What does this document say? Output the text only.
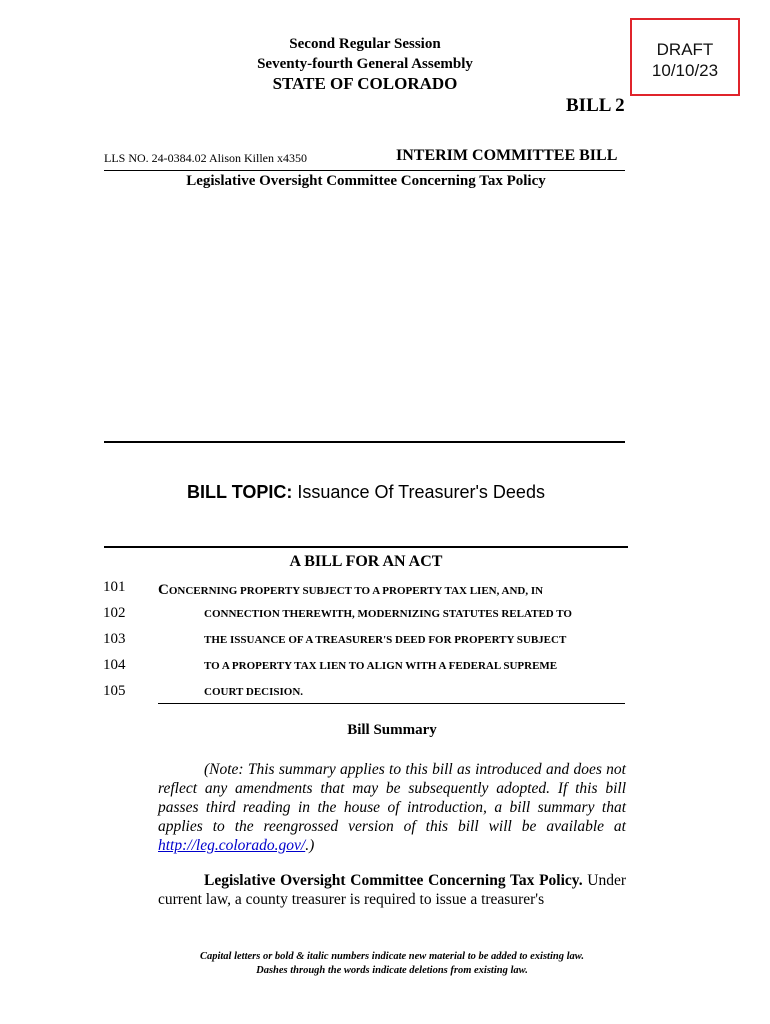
Second Regular Session
Seventy-fourth General Assembly
STATE OF COLORADO
DRAFT
10/10/23
BILL 2
LLS NO. 24-0384.02 Alison Killen x4350	INTERIM COMMITTEE BILL
Legislative Oversight Committee Concerning Tax Policy
BILL TOPIC: Issuance Of Treasurer's Deeds
A BILL FOR AN ACT
101 CONCERNING PROPERTY SUBJECT TO A PROPERTY TAX LIEN, AND, IN
102	CONNECTION THEREWITH, MODERNIZING STATUTES RELATED TO
103	THE ISSUANCE OF A TREASURER'S DEED FOR PROPERTY SUBJECT
104	TO A PROPERTY TAX LIEN TO ALIGN WITH A FEDERAL SUPREME
105	COURT DECISION.
Bill Summary
(Note: This summary applies to this bill as introduced and does not reflect any amendments that may be subsequently adopted. If this bill passes third reading in the house of introduction, a bill summary that applies to the reengrossed version of this bill will be available at http://leg.colorado.gov/.)
Legislative Oversight Committee Concerning Tax Policy. Under current law, a county treasurer is required to issue a treasurer's
Capital letters or bold & italic numbers indicate new material to be added to existing law.
Dashes through the words indicate deletions from existing law.
